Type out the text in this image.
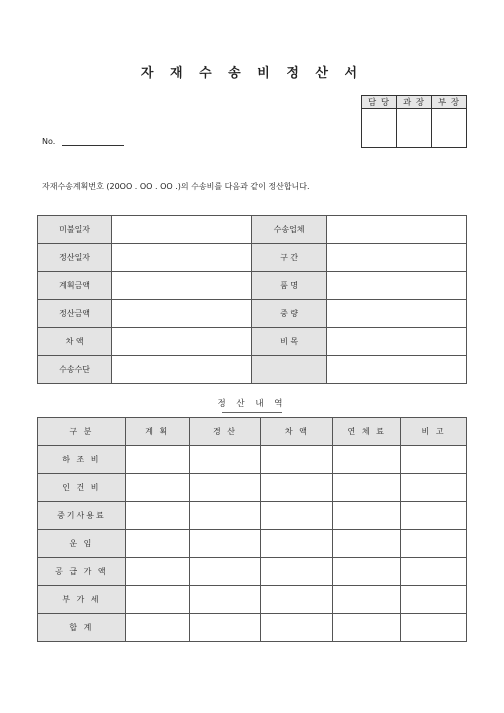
자 재 수 송 비 정 산 서
담 당	과 장	부 장

No.
자재수송계획번호 (20OO . OO . OO .)의 수송비를 다음과 같이 정산합니다.
미불일자		수송업체	
정산일자		구 간	
계획금액		품 명	
정산금액		중 량	
차 액		비 목	
수송수단			
정 산 내 역
구 분	계 획	경 산	차 액	연 체 료	비 고
하 조 비					
인 건 비					
중기사용료					
운 임					
공 급 가 액					
부 가 세					
합 계					
